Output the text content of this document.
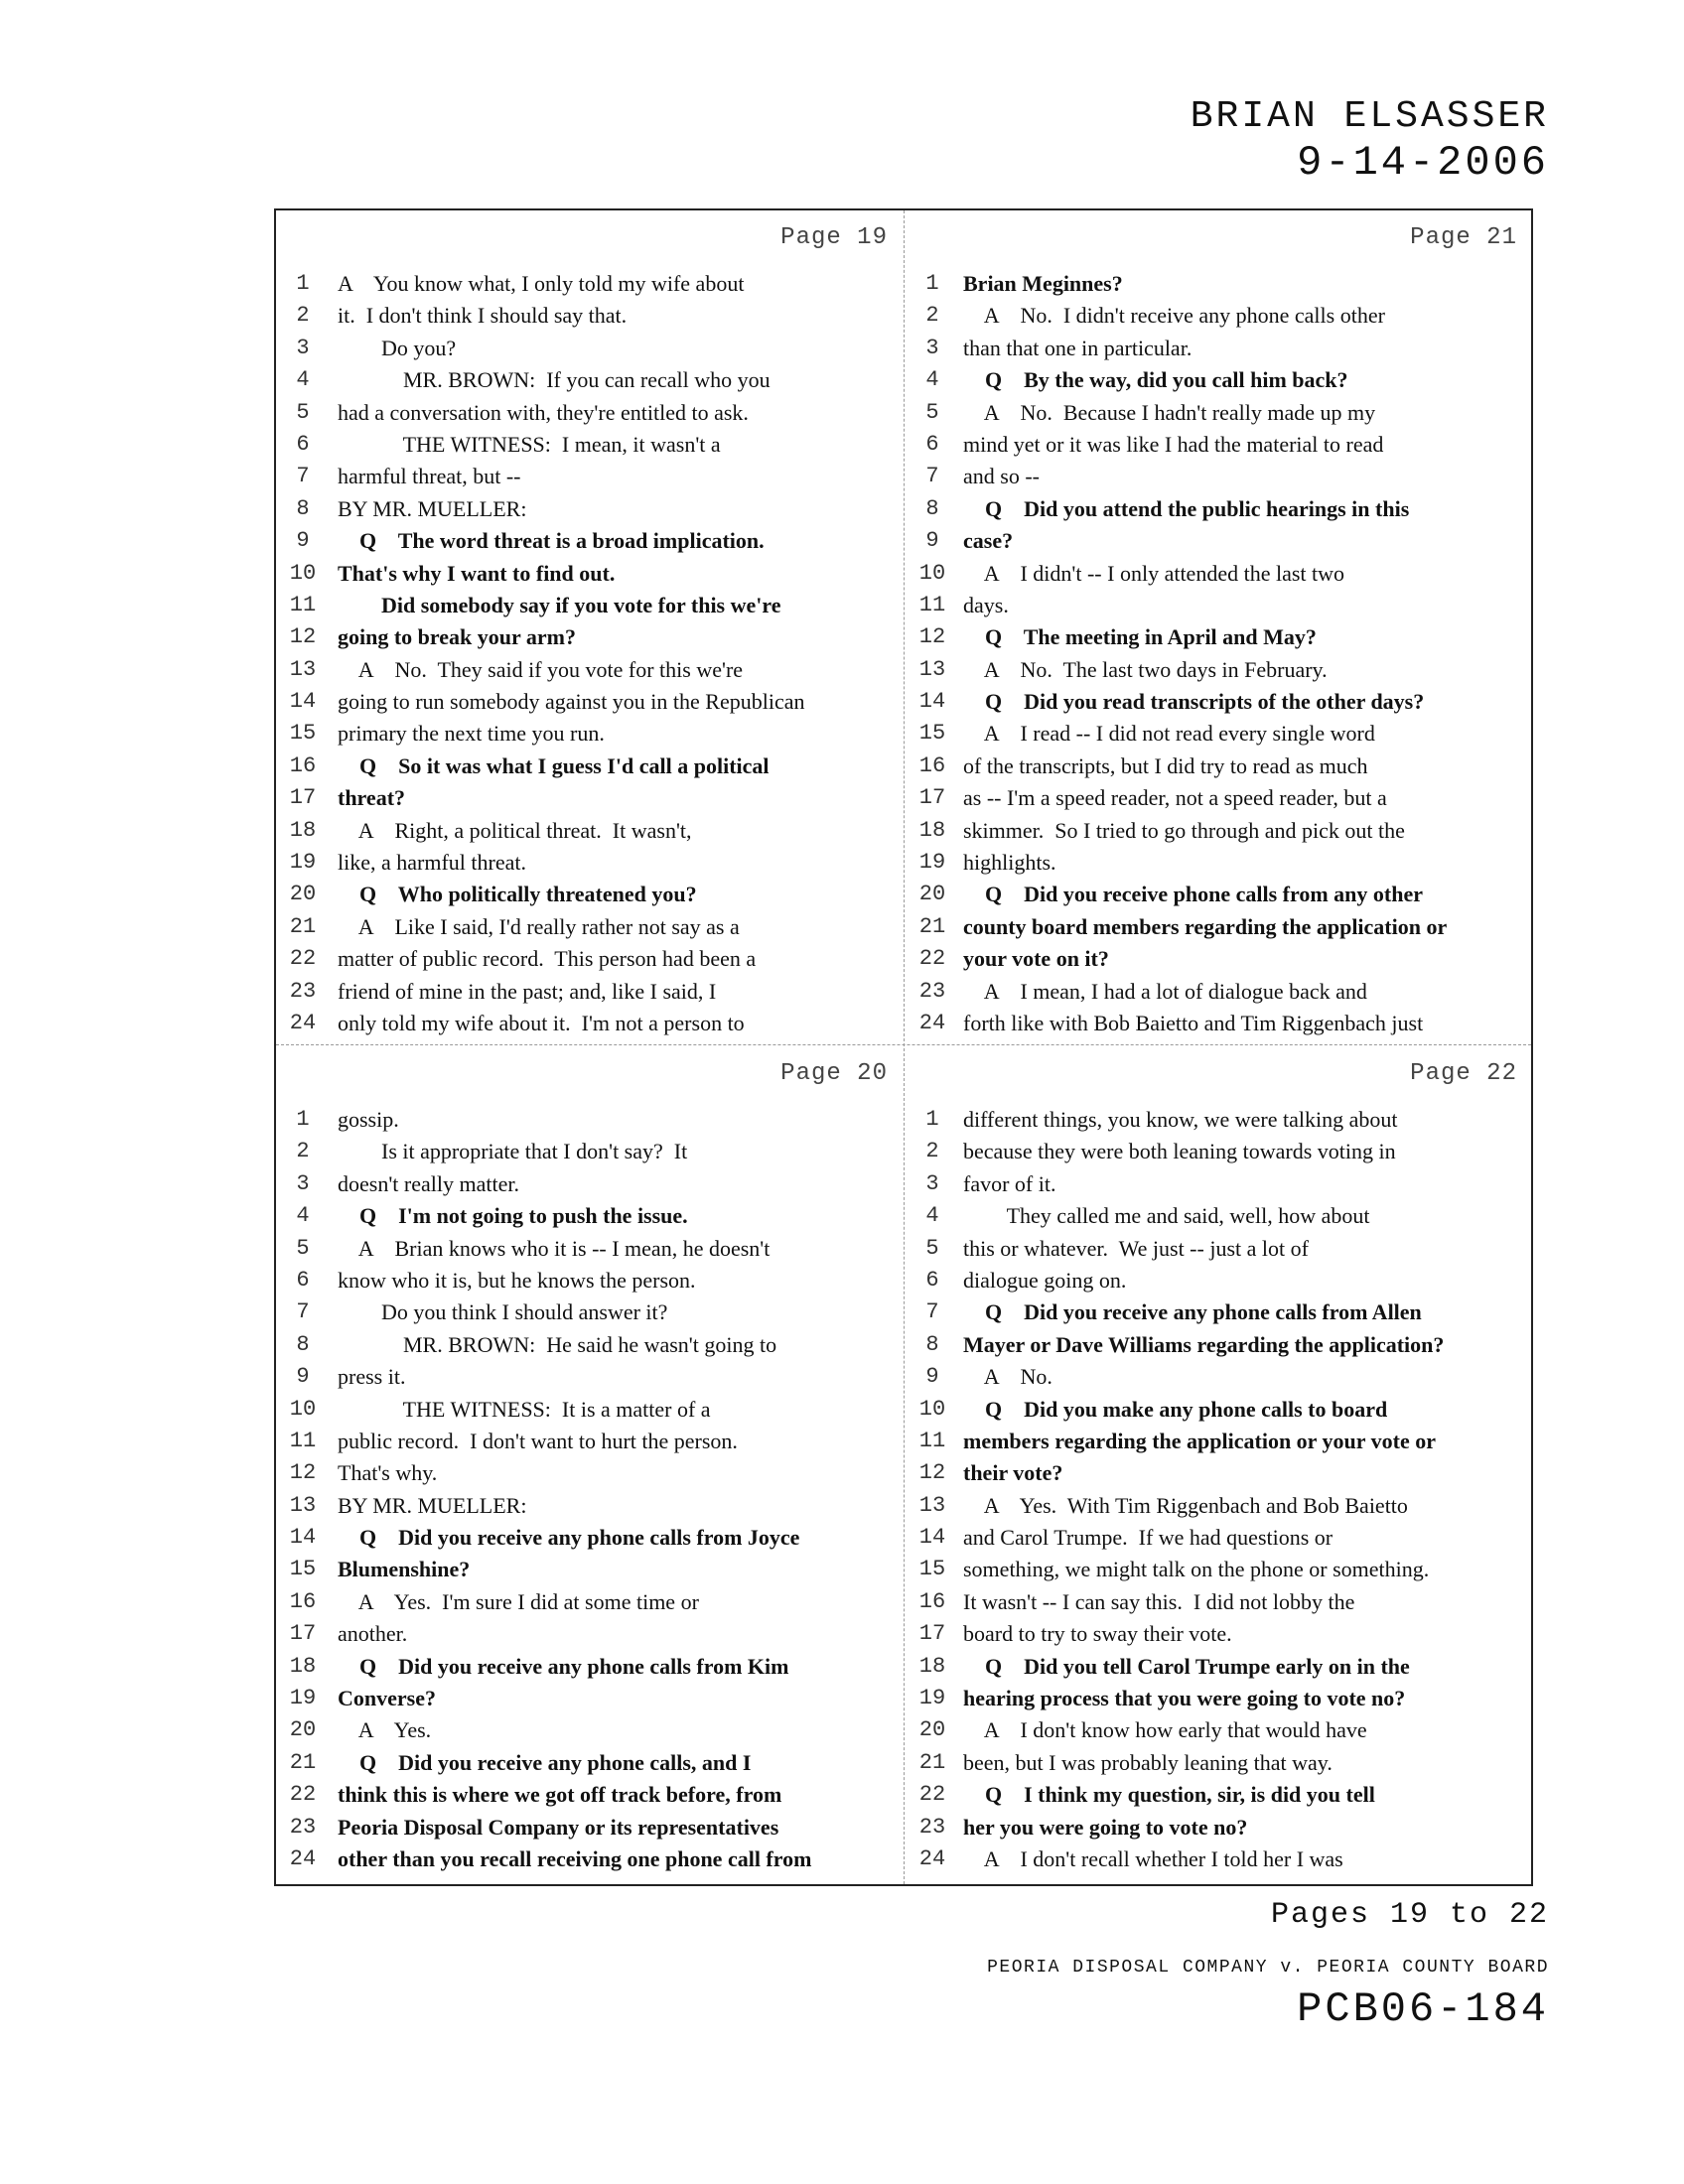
BRIAN ELSASSER
9-14-2006
Page 19
1	A    You know what, I only told my wife about
2	it.  I don't think I should say that.
3	Do you?
4	MR. BROWN:  If you can recall who you
5	had a conversation with, they're entitled to ask.
6	THE WITNESS:  I mean, it wasn't a
7	harmful threat, but --
8	BY MR. MUELLER:
9	Q    The word threat is a broad implication.
10 That's why I want to find out.
11 Did somebody say if you vote for this we're
12 going to break your arm?
13 A    No.  They said if you vote for this we're
14 going to run somebody against you in the Republican
15 primary the next time you run.
16 Q    So it was what I guess I'd call a political
17 threat?
18 A    Right, a political threat.  It wasn't,
19 like, a harmful threat.
20 Q    Who politically threatened you?
21 A    Like I said, I'd really rather not say as a
22 matter of public record.  This person had been a
23 friend of mine in the past; and, like I said, I
24 only told my wife about it.  I'm not a person to
Page 21
1	Brian Meginnes?
2	A    No.  I didn't receive any phone calls other
3	than that one in particular.
4	Q    By the way, did you call him back?
5	A    No.  Because I hadn't really made up my
6	mind yet or it was like I had the material to read
7	and so --
8	Q    Did you attend the public hearings in this
9	case?
10 A    I didn't -- I only attended the last two
11 days.
12 Q    The meeting in April and May?
13 A    No.  The last two days in February.
14 Q    Did you read transcripts of the other days?
15 A    I read -- I did not read every single word
16 of the transcripts, but I did try to read as much
17 as -- I'm a speed reader, not a speed reader, but a
18 skimmer.  So I tried to go through and pick out the
19 highlights.
20 Q    Did you receive phone calls from any other
21 county board members regarding the application or
22 your vote on it?
23 A    I mean, I had a lot of dialogue back and
24 forth like with Bob Baietto and Tim Riggenbach just
Page 20
1	gossip.
2	Is it appropriate that I don't say?  It
3	doesn't really matter.
4	Q    I'm not going to push the issue.
5	A    Brian knows who it is -- I mean, he doesn't
6	know who it is, but he knows the person.
7	Do you think I should answer it?
8	MR. BROWN:  He said he wasn't going to
9	press it.
10 THE WITNESS:  It is a matter of a
11 public record.  I don't want to hurt the person.
12 That's why.
13 BY MR. MUELLER:
14 Q    Did you receive any phone calls from Joyce
15 Blumenshine?
16 A    Yes.  I'm sure I did at some time or
17 another.
18 Q    Did you receive any phone calls from Kim
19 Converse?
20 A    Yes.
21 Q    Did you receive any phone calls, and I
22 think this is where we got off track before, from
23 Peoria Disposal Company or its representatives
24 other than you recall receiving one phone call from
Page 22
1	different things, you know, we were talking about
2	because they were both leaning towards voting in
3	favor of it.
4	They called me and said, well, how about
5	this or whatever.  We just -- just a lot of
6	dialogue going on.
7	Q    Did you receive any phone calls from Allen
8	Mayer or Dave Williams regarding the application?
9	A    No.
10 Q    Did you make any phone calls to board
11 members regarding the application or your vote or
12 their vote?
13 A    Yes.  With Tim Riggenbach and Bob Baietto
14 and Carol Trumpe.  If we had questions or
15 something, we might talk on the phone or something.
16 It wasn't -- I can say this.  I did not lobby the
17 board to try to sway their vote.
18 Q    Did you tell Carol Trumpe early on in the
19 hearing process that you were going to vote no?
20 A    I don't know how early that would have
21 been, but I was probably leaning that way.
22 Q    I think my question, sir, is did you tell
23 her you were going to vote no?
24 A    I don't recall whether I told her I was
Pages 19 to 22
PEORIA DISPOSAL COMPANY v. PEORIA COUNTY BOARD
PCB06-184
